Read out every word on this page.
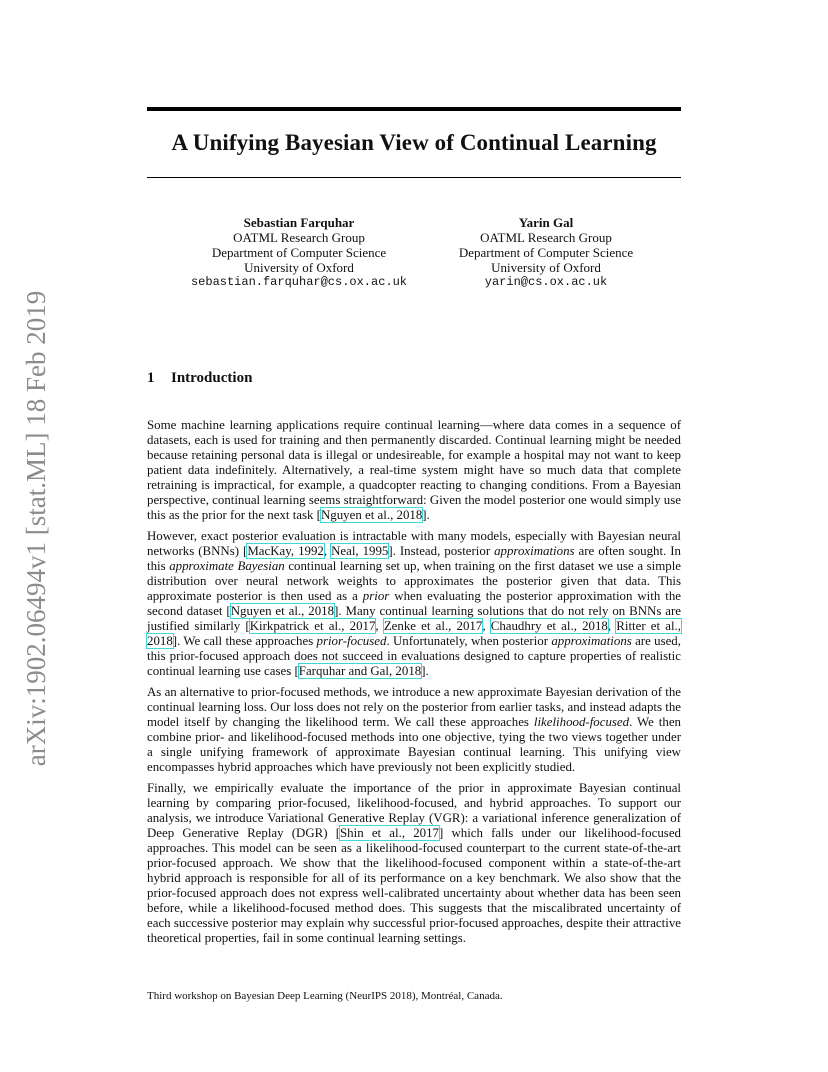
arXiv:1902.06494v1 [stat.ML] 18 Feb 2019
A Unifying Bayesian View of Continual Learning
Sebastian Farquhar
OATML Research Group
Department of Computer Science
University of Oxford
sebastian.farquhar@cs.ox.ac.uk
Yarin Gal
OATML Research Group
Department of Computer Science
University of Oxford
yarin@cs.ox.ac.uk
1 Introduction

Some machine learning applications require continual learning—where data comes in a sequence of datasets, each is used for training and then permanently discarded. Continual learning might be needed because retaining personal data is illegal or undesireable, for example a hospital may not want to keep patient data indefinitely. Alternatively, a real-time system might have so much data that complete retraining is impractical, for example, a quadcopter reacting to changing conditions. From a Bayesian perspective, continual learning seems straightforward: Given the model posterior one would simply use this as the prior for the next task [Nguyen et al., 2018].

However, exact posterior evaluation is intractable with many models, especially with Bayesian neural networks (BNNs) [MacKay, 1992, Neal, 1995]. Instead, posterior approximations are often sought. In this approximate Bayesian continual learning set up, when training on the first dataset we use a simple distribution over neural network weights to approximates the posterior given that data. This approximate posterior is then used as a prior when evaluating the posterior approximation with the second dataset [Nguyen et al., 2018]. Many continual learning solutions that do not rely on BNNs are justified similarly [Kirkpatrick et al., 2017, Zenke et al., 2017, Chaudhry et al., 2018, Ritter et al., 2018]. We call these approaches prior-focused. Unfortunately, when posterior approximations are used, this prior-focused approach does not succeed in evaluations designed to capture properties of realistic continual learning use cases [Farquhar and Gal, 2018].

As an alternative to prior-focused methods, we introduce a new approximate Bayesian derivation of the continual learning loss. Our loss does not rely on the posterior from earlier tasks, and instead adapts the model itself by changing the likelihood term. We call these approaches likelihood-focused. We then combine prior- and likelihood-focused methods into one objective, tying the two views together under a single unifying framework of approximate Bayesian continual learning. This unifying view encompasses hybrid approaches which have previously not been explicitly studied.

Finally, we empirically evaluate the importance of the prior in approximate Bayesian continual learning by comparing prior-focused, likelihood-focused, and hybrid approaches. To support our analysis, we introduce Variational Generative Replay (VGR): a variational inference generalization of Deep Generative Replay (DGR) [Shin et al., 2017] which falls under our likelihood-focused approaches. This model can be seen as a likelihood-focused counterpart to the current state-of-the-art prior-focused approach. We show that the likelihood-focused component within a state-of-the-art hybrid approach is responsible for all of its performance on a key benchmark. We also show that the prior-focused approach does not express well-calibrated uncertainty about whether data has been seen before, while a likelihood-focused method does. This suggests that the miscalibrated uncertainty of each successive posterior may explain why successful prior-focused approaches, despite their attractive theoretical properties, fail in some continual learning settings.

Third workshop on Bayesian Deep Learning (NeurIPS 2018), Montréal, Canada.
